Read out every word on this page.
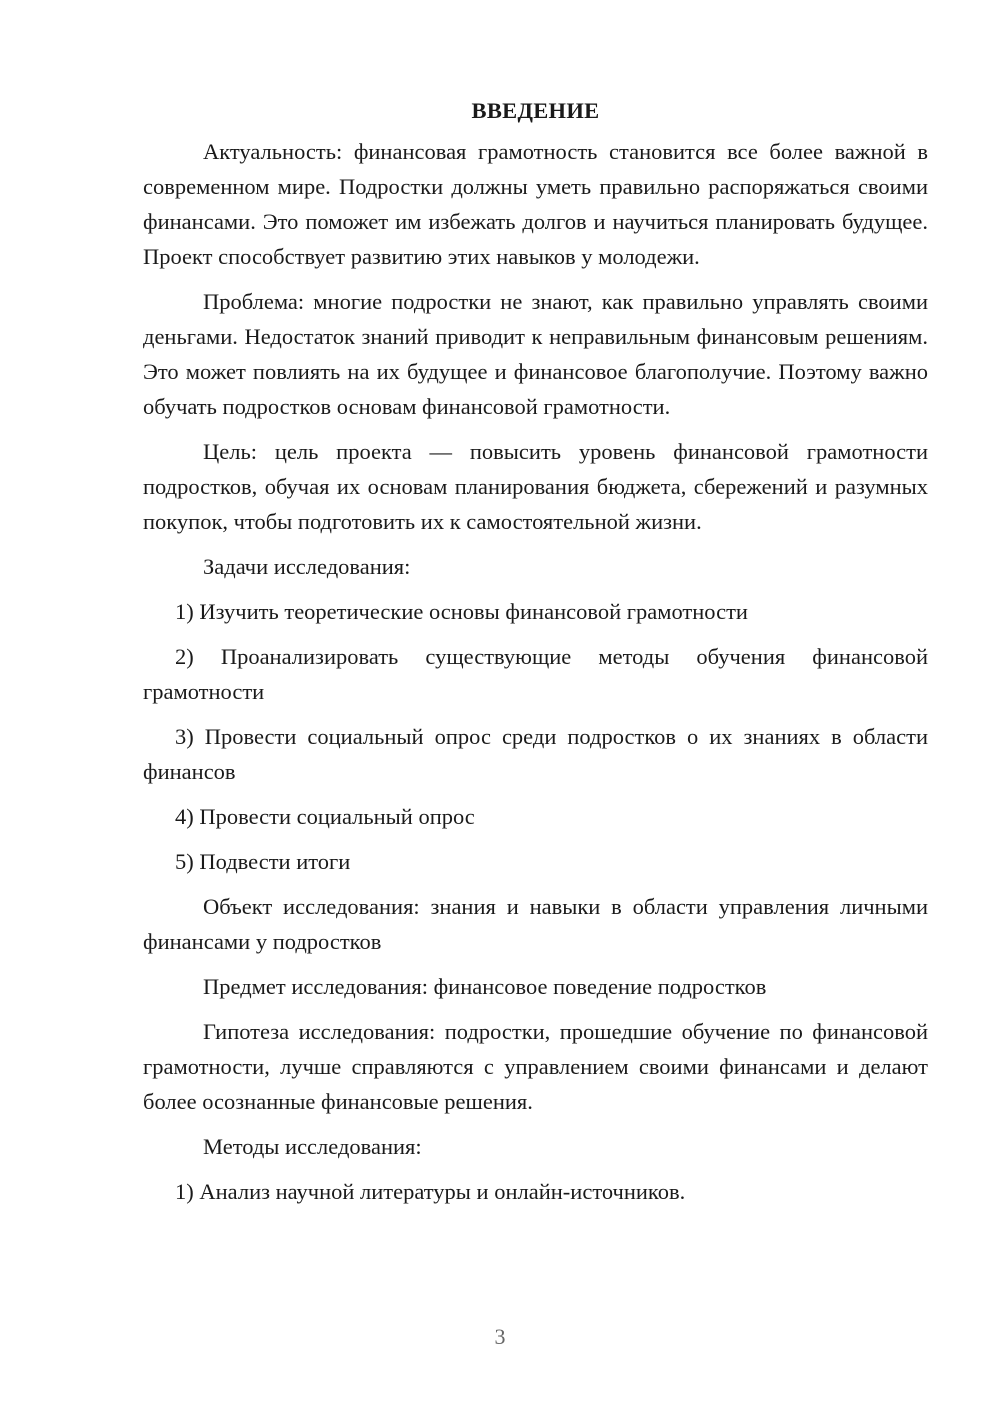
ВВЕДЕНИЕ

Актуальность: финансовая грамотность становится все более важной в современном мире. Подростки должны уметь правильно распоряжаться своими финансами. Это поможет им избежать долгов и научиться планировать будущее. Проект способствует развитию этих навыков у молодежи.

Проблема: многие подростки не знают, как правильно управлять своими деньгами. Недостаток знаний приводит к неправильным финансовым решениям. Это может повлиять на их будущее и финансовое благополучие. Поэтому важно обучать подростков основам финансовой грамотности.

Цель: цель проекта — повысить уровень финансовой грамотности подростков, обучая их основам планирования бюджета, сбережений и разумных покупок, чтобы подготовить их к самостоятельной жизни.

Задачи исследования:

1) Изучить теоретические основы финансовой грамотности

2) Проанализировать существующие методы обучения финансовой грамотности

3) Провести социальный опрос среди подростков о их знаниях в области финансов

4) Провести социальный опрос

5) Подвести итоги

Объект исследования: знания и навыки в области управления личными финансами у подростков

Предмет исследования: финансовое поведение подростков

Гипотеза исследования: подростки, прошедшие обучение по финансовой грамотности, лучше справляются с управлением своими финансами и делают более осознанные финансовые решения.

Методы исследования:

1) Анализ научной литературы и онлайн-источников.

3
